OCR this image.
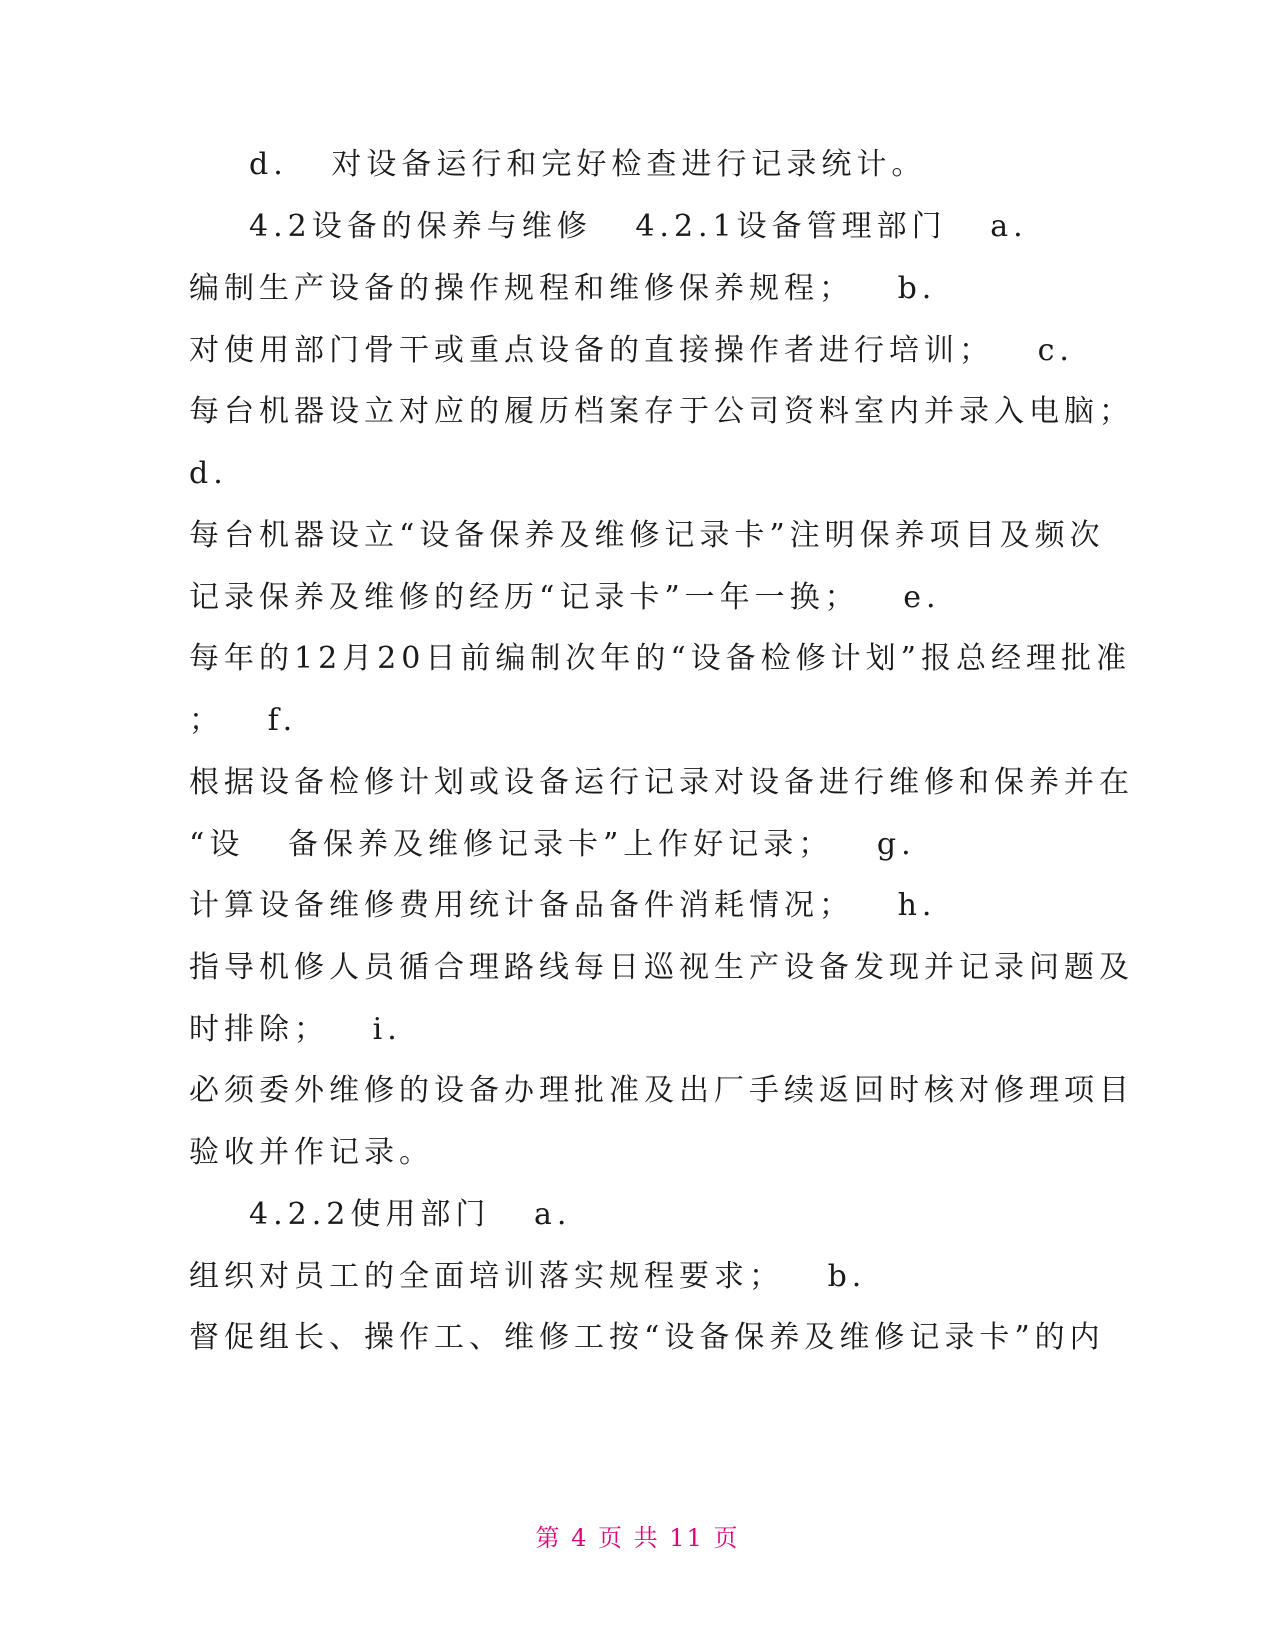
d.   对设备运行和完好检查进行记录统计。
4.2设备的保养与维修   4.2.1设备管理部门   a.
编制生产设备的操作规程和维修保养规程；   b.
对使用部门骨干或重点设备的直接操作者进行培训；   c.
每台机器设立对应的履历档案存于公司资料室内并录入电脑；
d.
每台机器设立“设备保养及维修记录卡”注明保养项目及频次
记录保养及维修的经历“记录卡”一年一换；   e.
每年的12月20日前编制次年的“设备检修计划”报总经理批准
；   f.
根据设备检修计划或设备运行记录对设备进行维修和保养并在
“设   备保养及维修记录卡”上作好记录；   g.
计算设备维修费用统计备品备件消耗情况；   h.
指导机修人员循合理路线每日巡视生产设备发现并记录问题及
时排除；   i.
必须委外维修的设备办理批准及出厂手续返回时核对修理项目
验收并作记录。
4.2.2使用部门   a.
组织对员工的全面培训落实规程要求；   b.
督促组长、操作工、维修工按“设备保养及维修记录卡”的内
第 4 页 共 11 页
